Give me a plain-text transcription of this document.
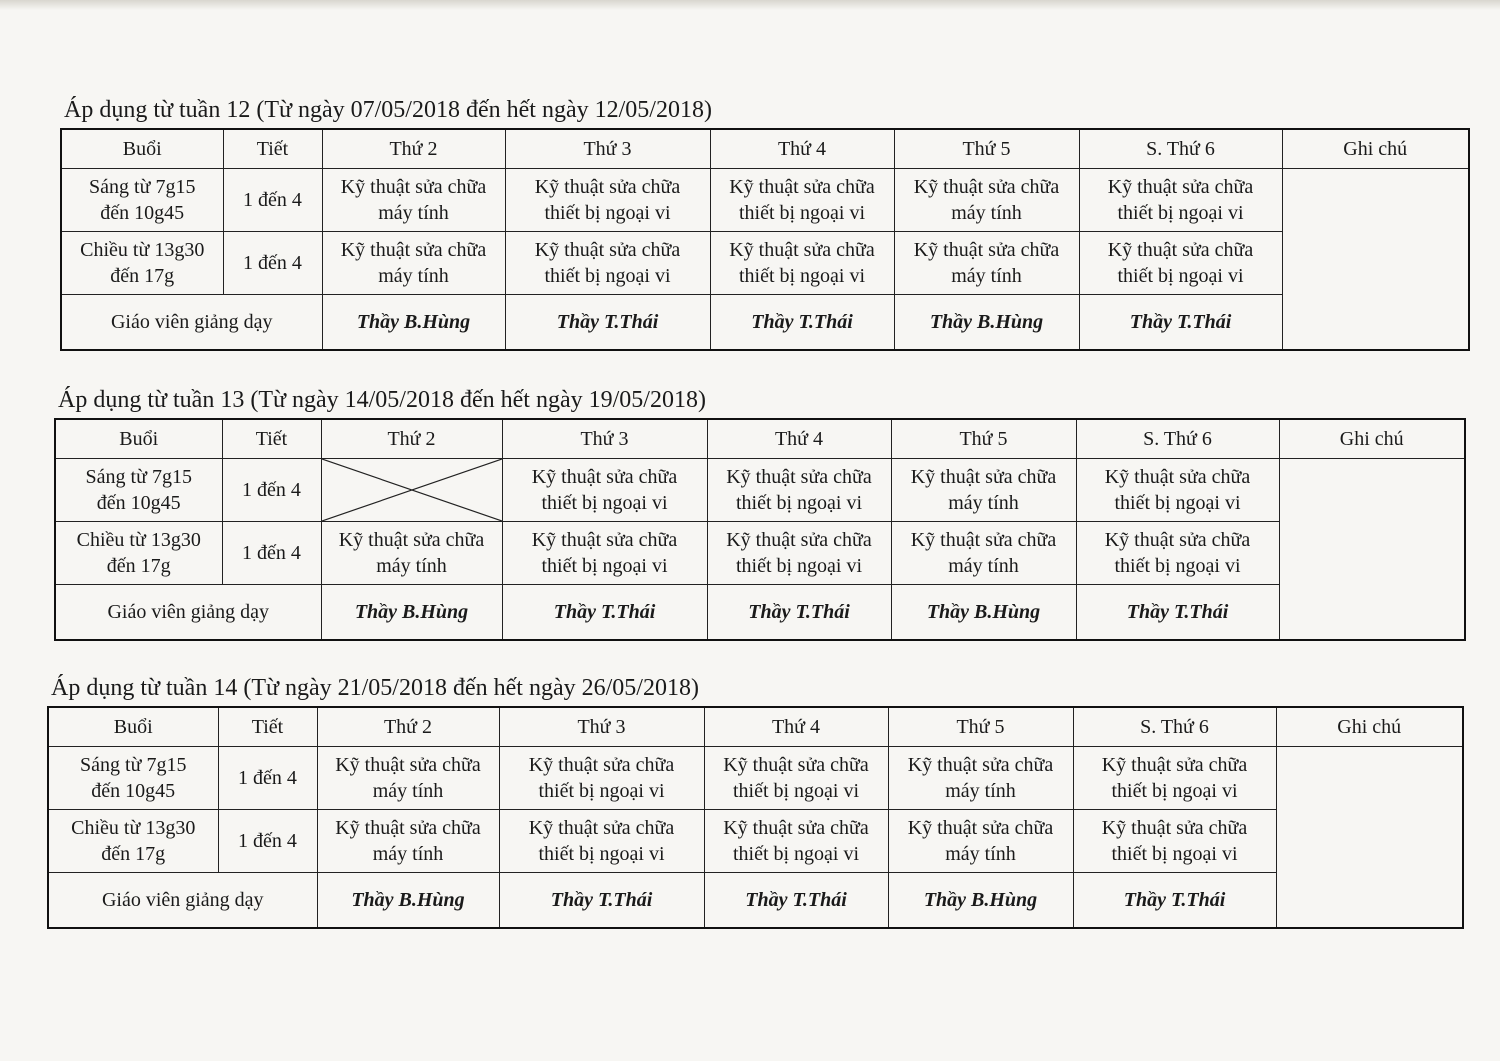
Áp dụng từ tuần 12 (Từ ngày 07/05/2018 đến hết ngày 12/05/2018)
Buổi	Tiết	Thứ 2	Thứ 3	Thứ 4	Thứ 5	S. Thứ 6	Ghi chú

Sáng từ 7g15
đến 10g45	1 đến 4	Kỹ thuật sửa chữa
máy tính	Kỹ thuật sửa chữa
thiết bị ngoại vi	Kỹ thuật sửa chữa
thiết bị ngoại vi	Kỹ thuật sửa chữa
máy tính	Kỹ thuật sửa chữa
thiết bị ngoại vi	

Chiều từ 13g30
đến 17g	1 đến 4	Kỹ thuật sửa chữa
máy tính	Kỹ thuật sửa chữa
thiết bị ngoại vi	Kỹ thuật sửa chữa
thiết bị ngoại vi	Kỹ thuật sửa chữa
máy tính	Kỹ thuật sửa chữa
thiết bị ngoại vi	

Giáo viên giảng dạy		Thầy B.Hùng	Thầy T.Thái	Thầy T.Thái	Thầy B.Hùng	Thầy T.Thái	
Áp dụng từ tuần 13 (Từ ngày 14/05/2018 đến hết ngày 19/05/2018)
Buổi	Tiết	Thứ 2	Thứ 3	Thứ 4	Thứ 5	S. Thứ 6	Ghi chú

Sáng từ 7g15
đến 10g45	1 đến 4		Kỹ thuật sửa chữa
thiết bị ngoại vi	Kỹ thuật sửa chữa
thiết bị ngoại vi	Kỹ thuật sửa chữa
máy tính	Kỹ thuật sửa chữa
thiết bị ngoại vi	

Chiều từ 13g30
đến 17g	1 đến 4	Kỹ thuật sửa chữa
máy tính	Kỹ thuật sửa chữa
thiết bị ngoại vi	Kỹ thuật sửa chữa
thiết bị ngoại vi	Kỹ thuật sửa chữa
máy tính	Kỹ thuật sửa chữa
thiết bị ngoại vi	

Giáo viên giảng dạy		Thầy B.Hùng	Thầy T.Thái	Thầy T.Thái	Thầy B.Hùng	Thầy T.Thái	
Áp dụng từ tuần 14 (Từ ngày 21/05/2018 đến hết ngày 26/05/2018)
Buổi	Tiết	Thứ 2	Thứ 3	Thứ 4	Thứ 5	S. Thứ 6	Ghi chú

Sáng từ 7g15
đến 10g45	1 đến 4	Kỹ thuật sửa chữa
máy tính	Kỹ thuật sửa chữa
thiết bị ngoại vi	Kỹ thuật sửa chữa
thiết bị ngoại vi	Kỹ thuật sửa chữa
máy tính	Kỹ thuật sửa chữa
thiết bị ngoại vi	

Chiều từ 13g30
đến 17g	1 đến 4	Kỹ thuật sửa chữa
máy tính	Kỹ thuật sửa chữa
thiết bị ngoại vi	Kỹ thuật sửa chữa
thiết bị ngoại vi	Kỹ thuật sửa chữa
máy tính	Kỹ thuật sửa chữa
thiết bị ngoại vi	

Giáo viên giảng dạy		Thầy B.Hùng	Thầy T.Thái	Thầy T.Thái	Thầy B.Hùng	Thầy T.Thái	
